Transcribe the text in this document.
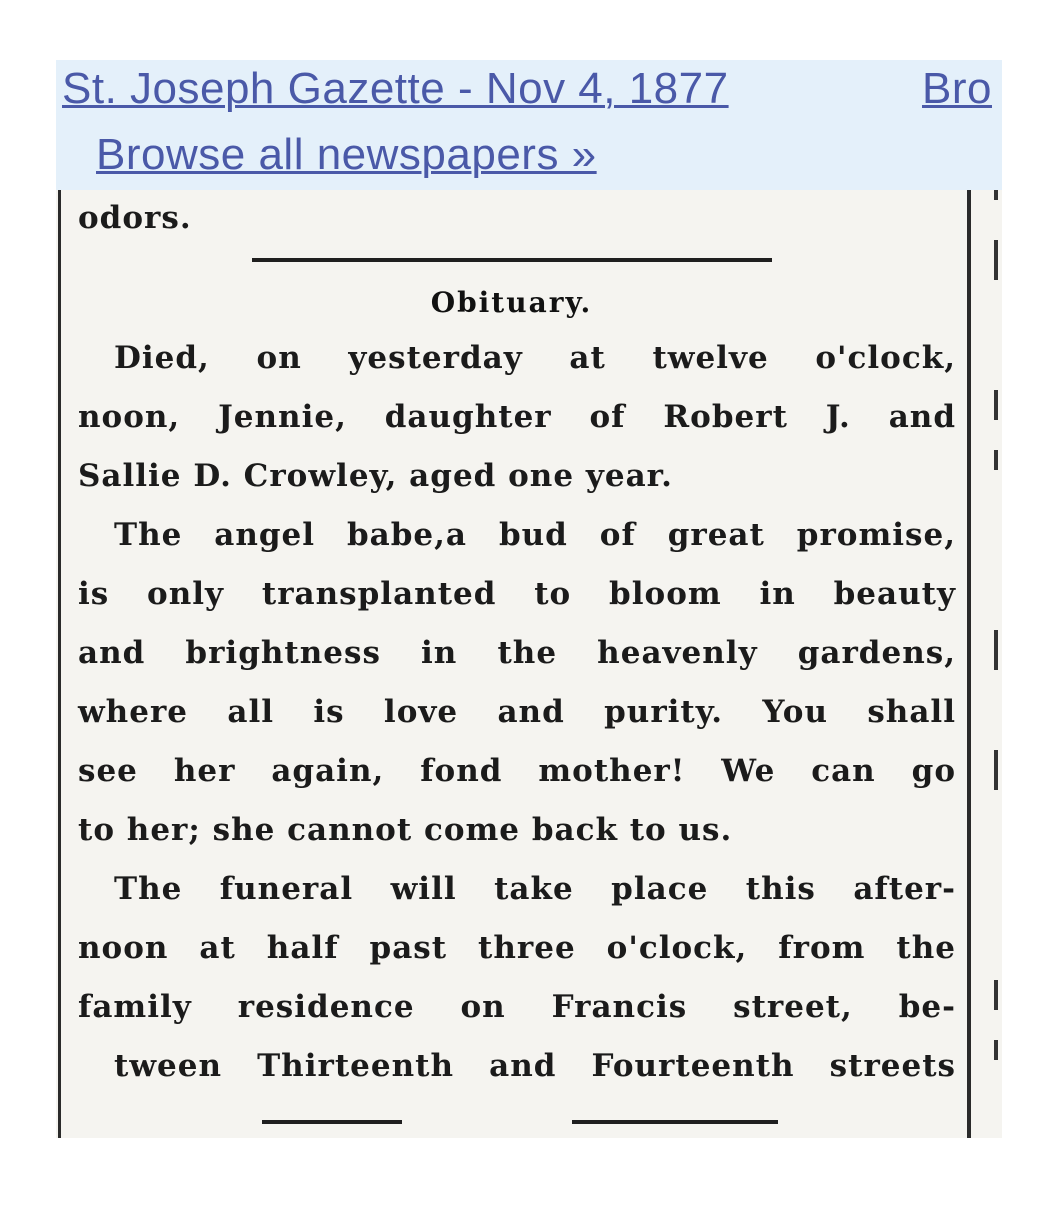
St. Joseph Gazette - Nov 4, 1877	Bro
Browse all newspapers »
odors.
Obituary.
Died, on yesterday at twelve o'clock,
noon, Jennie, daughter of Robert J. and
Sallie D. Crowley, aged one year.
The angel babe,a bud of great promise,
is only transplanted to bloom in beauty
and brightness in the heavenly gardens,
where all is love and purity. You shall
see her again, fond mother! We can go
to her; she cannot come back to us.
The funeral will take place this after-
noon at half past three o'clock, from the
family residence on Francis street, be-
tween Thirteenth and Fourteenth streets
